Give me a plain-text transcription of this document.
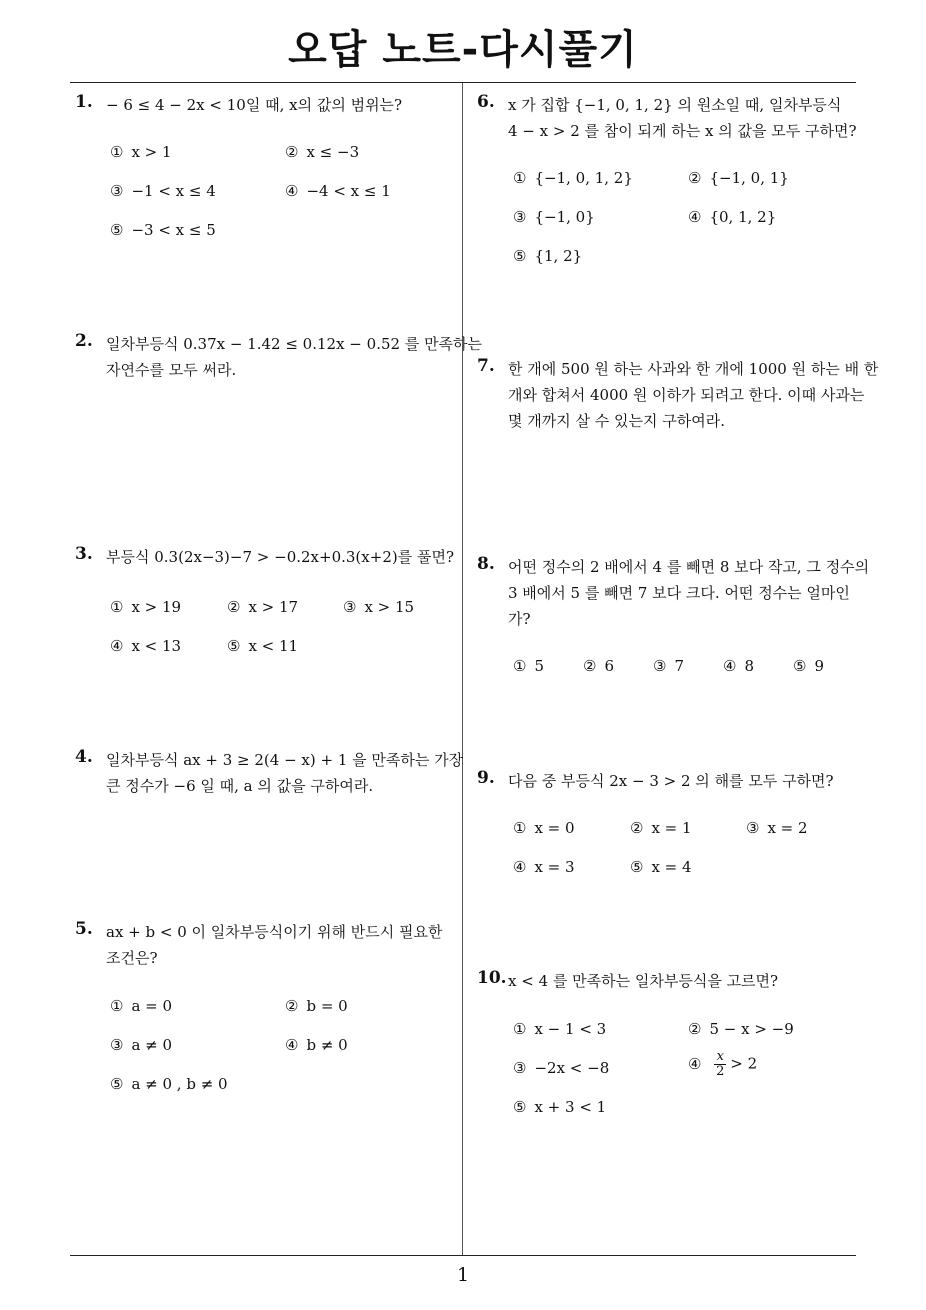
오답 노트-다시풀기
1
1. − 6 ≤ 4 − 2x < 10일 때, x의 값의 범위는?
① x > 1	② x ≤ −3
③ −1 < x ≤ 4	④ −4 < x ≤ 1
⑤ −3 < x ≤ 5
2. 일차부등식 0.37x − 1.42 ≤ 0.12x − 0.52 를 만족하는
자연수를 모두 써라.
3. 부등식 0.3(2x−3)−7 > −0.2x+0.3(x+2)를 풀면?
① x > 19	② x > 17	③ x > 15
④ x < 13	⑤ x < 11
4. 일차부등식 ax + 3 ≥ 2(4 − x) + 1 을 만족하는 가장
큰 정수가 −6 일 때, a 의 값을 구하여라.
5. ax + b < 0 이 일차부등식이기 위해 반드시 필요한
조건은?
① a = 0	② b = 0
③ a ≠ 0	④ b ≠ 0
⑤ a ≠ 0 , b ≠ 0
6. x 가 집합 {−1, 0, 1, 2} 의 원소일 때, 일차부등식
4 − x > 2 를 참이 되게 하는 x 의 값을 모두 구하면?
① {−1, 0, 1, 2}	② {−1, 0, 1}
③ {−1, 0}	④ {0, 1, 2}
⑤ {1, 2}
7. 한 개에 500 원 하는 사과와 한 개에 1000 원 하는 배 한
개와 합쳐서 4000 원 이하가 되려고 한다. 이때 사과는
몇 개까지 살 수 있는지 구하여라.
8. 어떤 정수의 2 배에서 4 를 빼면 8 보다 작고, 그 정수의
3 배에서 5 를 빼면 7 보다 크다. 어떤 정수는 얼마인
가?
① 5	② 6	③ 7	④ 8	⑤ 9
9. 다음 중 부등식 2x − 3 > 2 의 해를 모두 구하면?
① x = 0	② x = 1	③ x = 2
④ x = 3	⑤ x = 4
10. x < 4 를 만족하는 일차부등식을 고르면?
① x − 1 < 3	② 5 − x > −9
③ −2x < −8	④ $\frac{x}{2} > 2$
⑤ x + 3 < 1
